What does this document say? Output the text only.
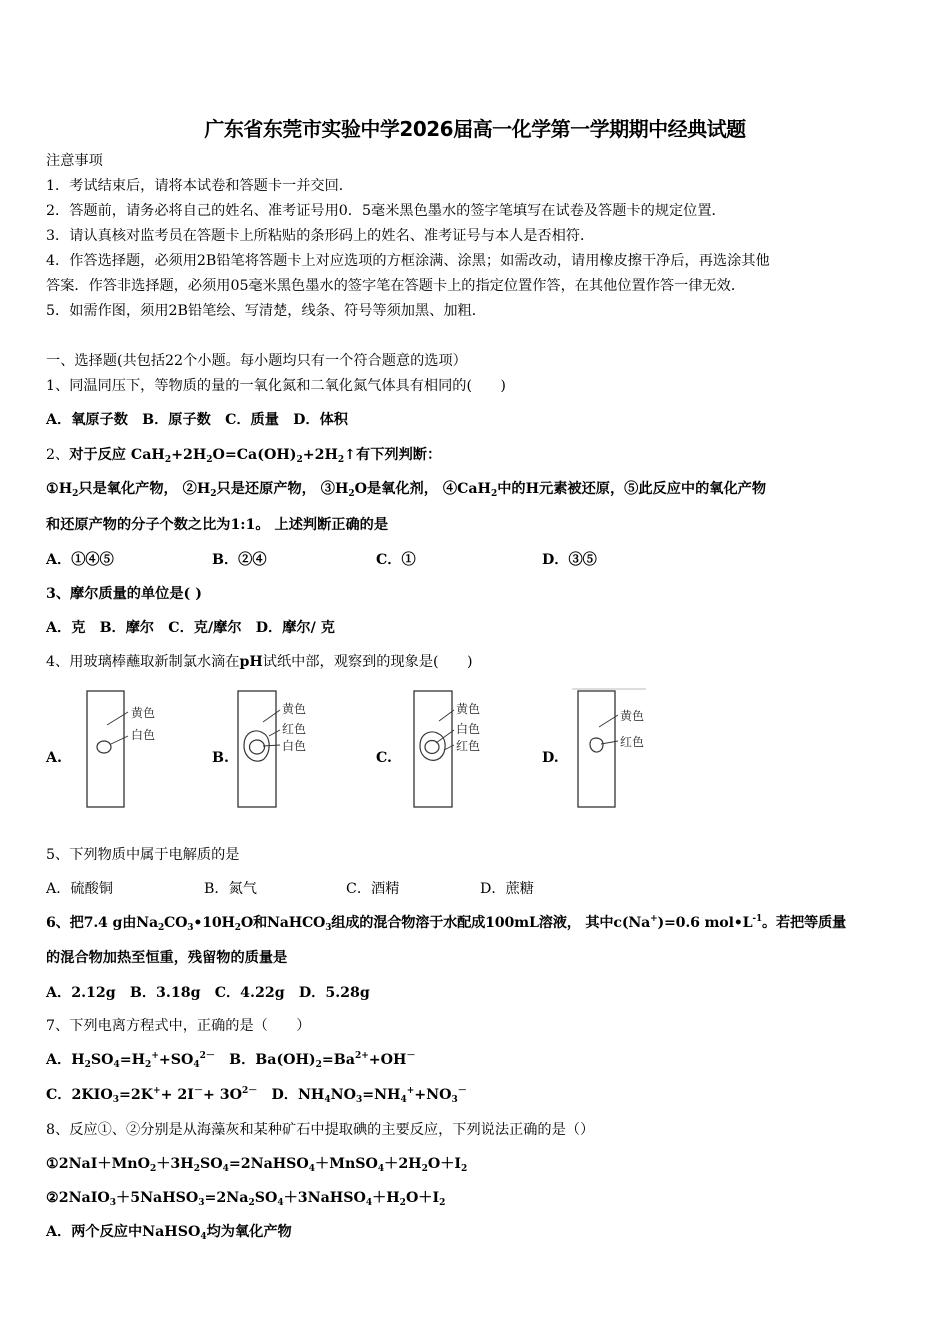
广东省东莞市实验中学2026届高一化学第一学期期中经典试题
注意事项
1．考试结束后，请将本试卷和答题卡一并交回．
2．答题前，请务必将自己的姓名、准考证号用0．5毫米黑色墨水的签字笔填写在试卷及答题卡的规定位置．
3．请认真核对监考员在答题卡上所粘贴的条形码上的姓名、准考证号与本人是否相符．
4．作答选择题，必须用2B铅笔将答题卡上对应选项的方框涂满、涂黑；如需改动，请用橡皮擦干净后，再选涂其他
答案．作答非选择题，必须用05毫米黑色墨水的签字笔在答题卡上的指定位置作答，在其他位置作答一律无效．
5．如需作图，须用2B铅笔绘、写清楚，线条、符号等须加黑、加粗．
一、选择题(共包括22个小题。每小题均只有一个符合题意的选项）
1、同温同压下，等物质的量的一氧化氮和二氧化氮气体具有相同的(　　)
A．氧原子数　B．原子数　C．质量　D．体积
2、对于反应 $CaH_2+2H_2O=Ca(OH)_2+2H_2↑$有下列判断：
$①H_2$只是氧化产物， $②H_2$只是还原产物， $③H_2O$是氧化剂， ④CaH$_2$中的H元素被还原，⑤此反应中的氧化产物
和还原产物的分子个数之比为1:1。 上述判断正确的是
A．①④⑤	B．②④	C．①	D．③⑤
3、摩尔质量的单位是( )
A．克　B．摩尔　C．克/摩尔　D．摩尔/ 克
4、用玻璃棒蘸取新制氯水滴在pH试纸中部，观察到的现象是(　　)
A.	B.	C.	D.
黄色
白色
黄色
红色
白色
黄色
白色
红色
黄色
红色
5、下列物质中属于电解质的是
A．硫酸铜	B．氮气	C．酒精	D．蔗糖
6、把7.4 g由$Na_2CO_3•10H_2O$和NaHCO$_3$组成的混合物溶于水配成100mL溶液， 其中c(Na+)=0.6 $mol•L^{-1}$。若把等质量
的混合物加热至恒重，残留物的质量是
A．2.12g　B．3.18g　C．4.22g　D．5.28g
7、下列电离方程式中，正确的是（　　）
A．$H_2SO_4=H_2^++SO_4^{2-}$　B．$Ba(OH)_2=Ba^{2+}+OH^-$
C．$2KIO_3=2K^++ 2I^-+ 3O^{2-}$　D．$NH_4NO_3=NH_4^++NO_3^-$
8、反应①、②分别是从海藻灰和某种矿石中提取碘的主要反应，下列说法正确的是（）
$①2NaI+MnO_2+3H_2SO_4=2NaHSO_4+MnSO_4+2H_2O+I_2$
$②2NaIO_3+5NaHSO_3=2Na_2SO_4+3NaHSO_4+H_2O+I_2$
A．两个反应中NaHSO$_4$均为氧化产物
